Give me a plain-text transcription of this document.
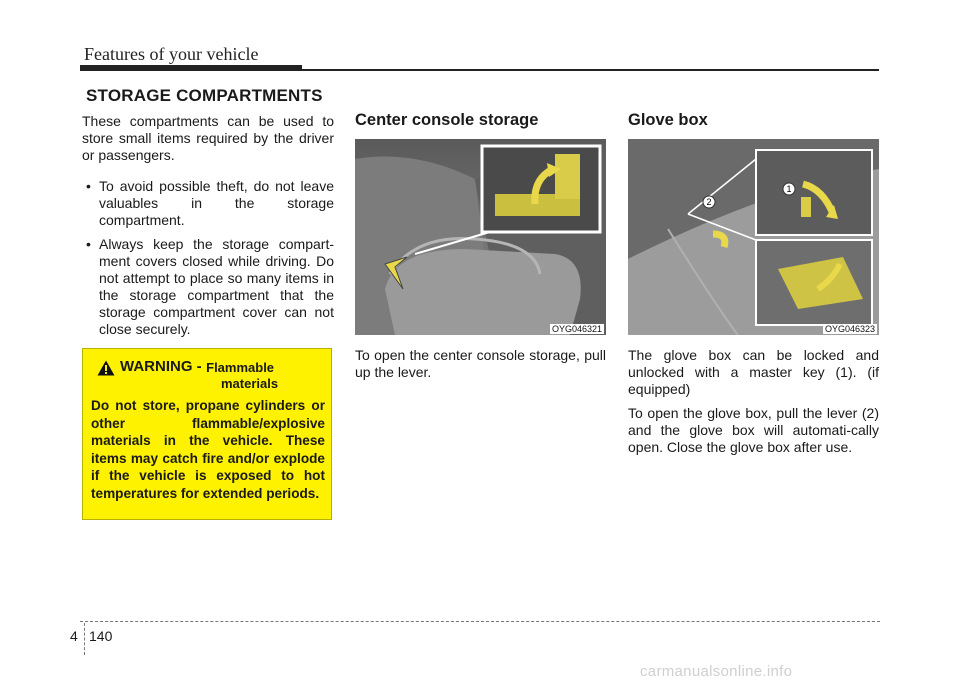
Features of your vehicle
STORAGE COMPARTMENTS

These compartments can be used to store small items required by the driver or passengers.

• To avoid possible theft, do not leave valuables in the storage compartment.
• Always keep the storage compart-ment covers closed while driving. Do not attempt to place so many items in the storage compartment that the storage compartment cover can not close securely.
WARNING -
Flammable
materials
Do not store, propane cylinders or other flammable/explosive materials in the vehicle. These items may catch fire and/or explode if the vehicle is exposed to hot temperatures for extended periods.
Center console storage
OYG046321

To open the center console storage, pull up the lever.

Glove box
1
2
OYG046323

The glove box can be locked and unlocked with a master key (1). (if equipped)

To open the glove box, pull the lever (2) and the glove box will automati-cally open. Close the glove box after use.

4 140
carmanualsonline.info
